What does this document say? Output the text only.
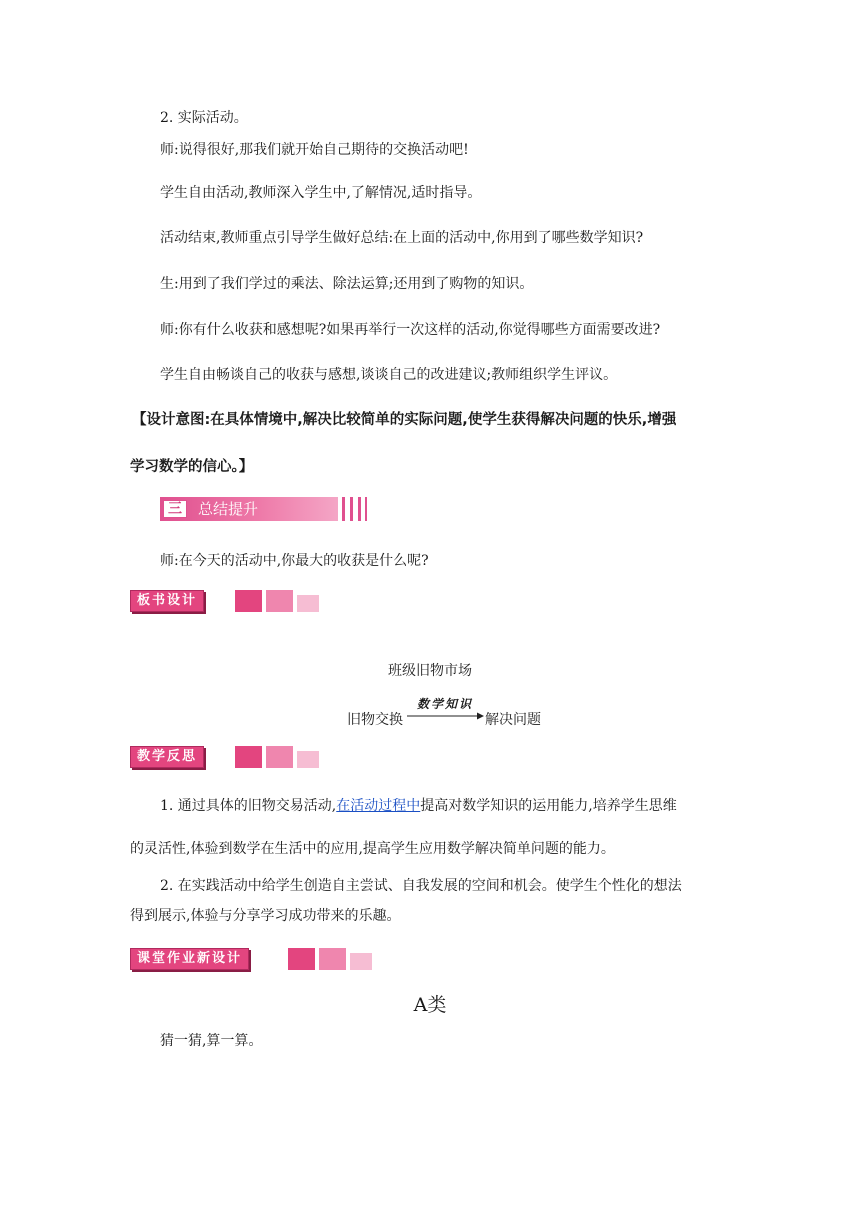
2. 实际活动。
师:说得很好,那我们就开始自己期待的交换活动吧!
学生自由活动,教师深入学生中,了解情况,适时指导。
活动结束,教师重点引导学生做好总结:在上面的活动中,你用到了哪些数学知识?
生:用到了我们学过的乘法、除法运算;还用到了购物的知识。
师:你有什么收获和感想呢?如果再举行一次这样的活动,你觉得哪些方面需要改进?
学生自由畅谈自己的收获与感想,谈谈自己的改进建议;教师组织学生评议。
【设计意图:在具体情境中,解决比较简单的实际问题,使学生获得解决问题的快乐,增强
学习数学的信心。】
三	总结提升
师:在今天的活动中,你最大的收获是什么呢?
板书设计
班级旧物市场
旧物交换
数学知识
解决问题
教学反思
1. 通过具体的旧物交易活动,在活动过程中提高对数学知识的运用能力,培养学生思维
的灵活性,体验到数学在生活中的应用,提高学生应用数学解决简单问题的能力。
2. 在实践活动中给学生创造自主尝试、自我发展的空间和机会。使学生个性化的想法
得到展示,体验与分享学习成功带来的乐趣。
课堂作业新设计
A类
猜一猜,算一算。
